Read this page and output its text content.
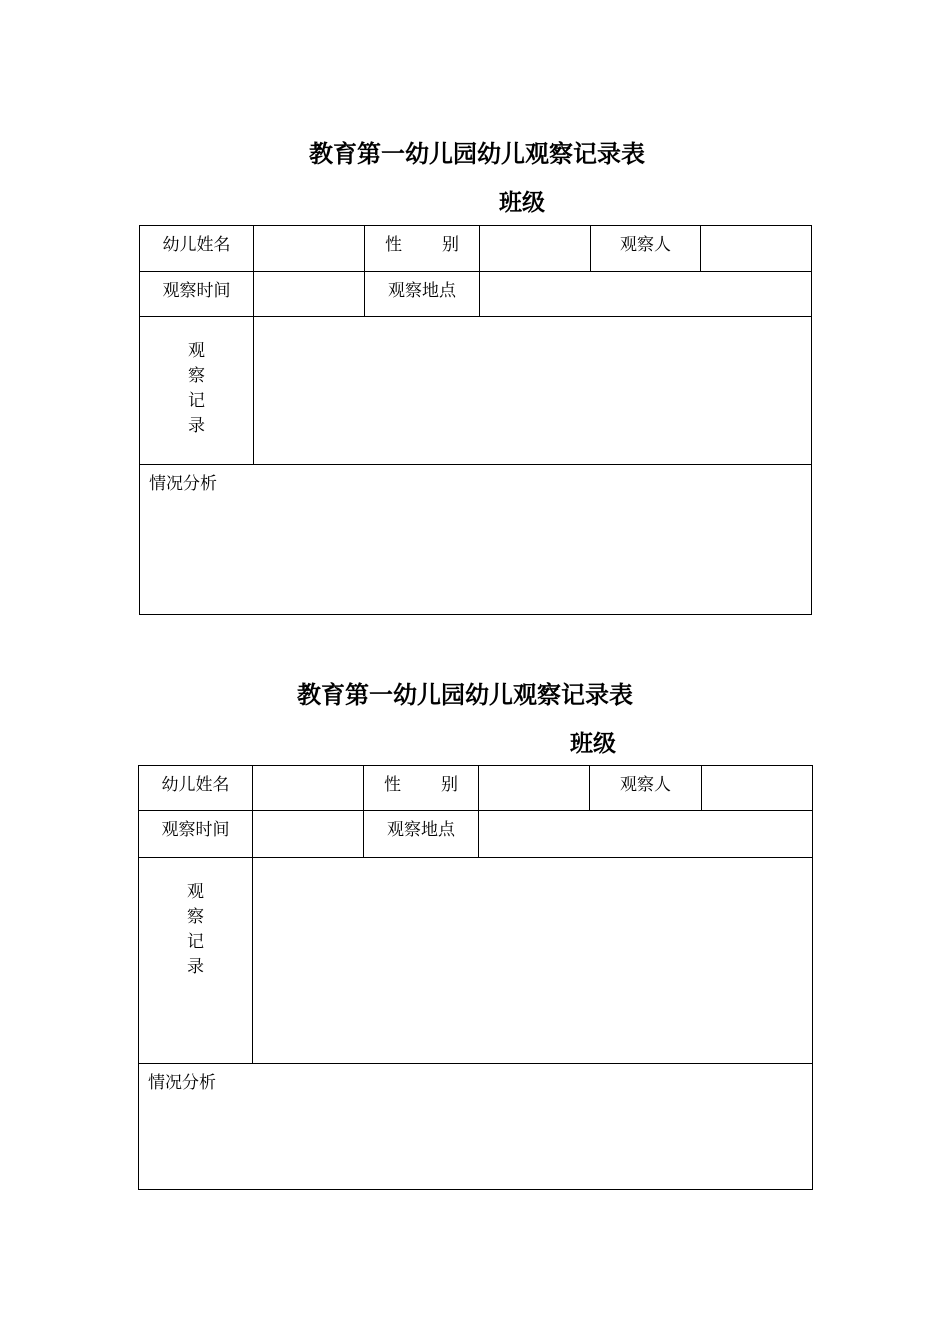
教育第一幼儿园幼儿观察记录表
班级
幼儿姓名		性 别		观察人	
观察时间		观察地点			

观
察
记
录					

情况分析					
教育第一幼儿园幼儿观察记录表
班级
幼儿姓名		性 别		观察人	
观察时间		观察地点			

观
察
记
录					

情况分析					
